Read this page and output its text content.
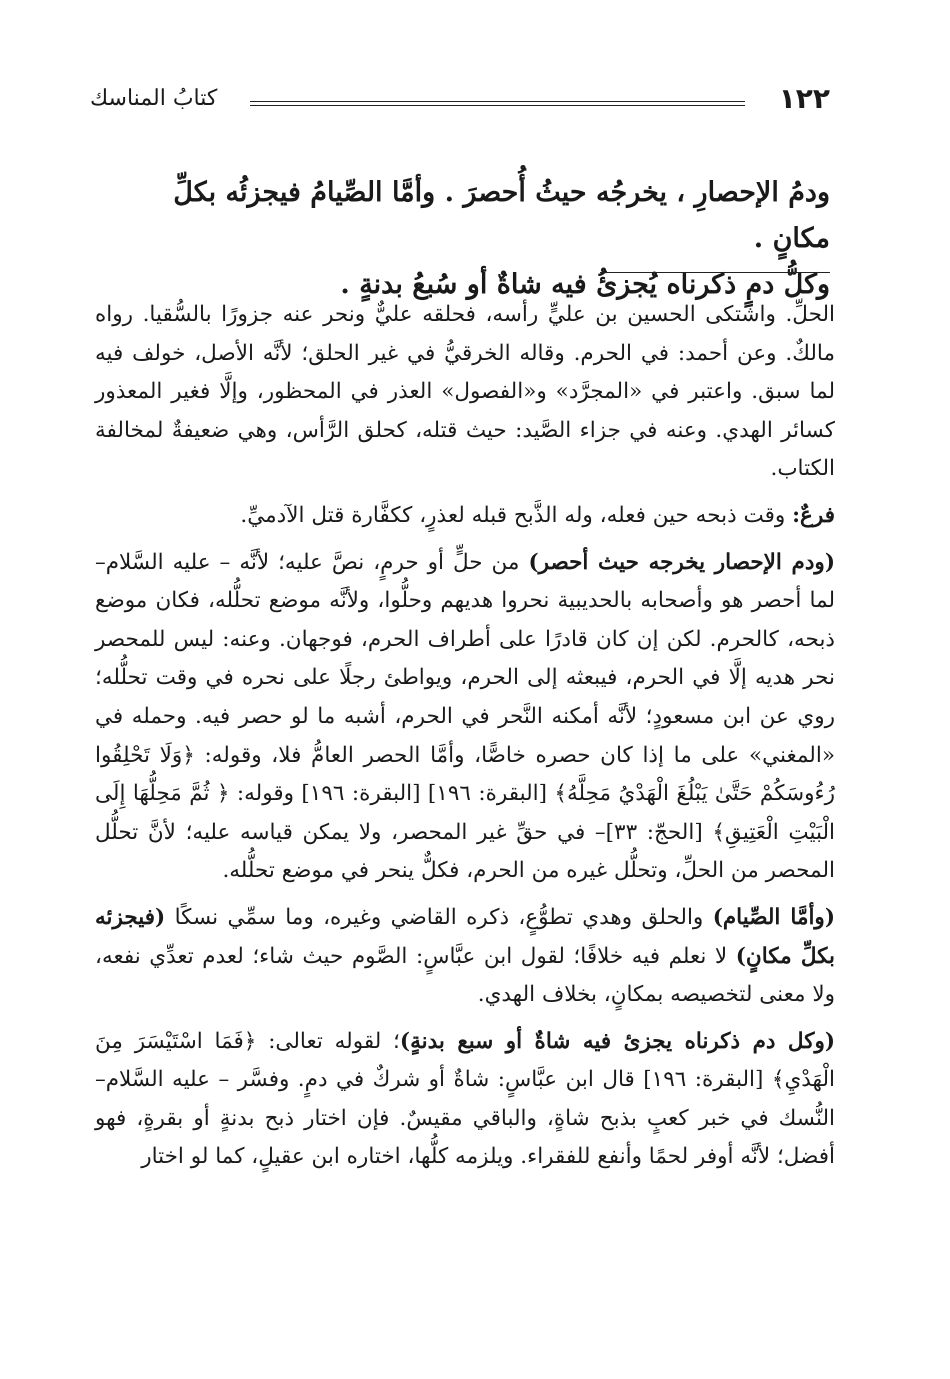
١٢٢
كتابُ المناسك

ودمُ الإحصارِ ، يخرجُه حيثُ أُحصرَ . وأمَّا الصِّيامُ فيجزئُه بكلِّ مكانٍ .

وكلُّ دمٍ ذكرناه يُجزئُ فيه شاةٌ أو سُبعُ بدنةٍ .

الحلِّ. واشتكى الحسين بن عليٍّ رأسه، فحلقه عليٌّ ونحر عنه جزورًا بالسُّقيا. رواه مالكٌ. وعن أحمد: في الحرم. وقاله الخرقيُّ في غير الحلق؛ لأنَّه الأصل، خولف فيه لما سبق. واعتبر في «المجرَّد» و«الفصول» العذر في المحظور، وإلَّا فغير المعذور كسائر الهدي. وعنه في جزاء الصَّيد: حيث قتله، كحلق الرَّأس، وهي ضعيفةٌ لمخالفة الكتاب.

فرعٌ: وقت ذبحه حين فعله، وله الذَّبح قبله لعذرٍ، ككفَّارة قتل الآدميِّ.

(ودم الإحصار يخرجه حيث أحصر) من حلٍّ أو حرمٍ، نصَّ عليه؛ لأنَّه – عليه السَّلام– لما أحصر هو وأصحابه بالحديبية نحروا هديهم وحلُّوا، ولأنَّه موضع تحلُّله، فكان موضع ذبحه، كالحرم. لكن إن كان قادرًا على أطراف الحرم، فوجهان. وعنه: ليس للمحصر نحر هديه إلَّا في الحرم، فيبعثه إلى الحرم، ويواطئ رجلًا على نحره في وقت تحلُّله؛ روي عن ابن مسعودٍ؛ لأنَّه أمكنه النَّحر في الحرم، أشبه ما لو حصر فيه. وحمله في «المغني» على ما إذا كان حصره خاصًّا، وأمَّا الحصر العامُّ فلا، وقوله: ﴿وَلَا تَحْلِقُوا رُءُوسَكُمْ حَتَّىٰ يَبْلُغَ الْهَدْيُ مَحِلَّهُ﴾ [البقرة: ١٩٦] [البقرة: ١٩٦] وقوله: ﴿ ثُمَّ مَحِلُّهَا إِلَى الْبَيْتِ الْعَتِيقِ﴾ [الحجّ: ٣٣]– في حقِّ غير المحصر، ولا يمكن قياسه عليه؛ لأنَّ تحلُّل المحصر من الحلِّ، وتحلُّل غيره من الحرم، فكلٌّ ينحر في موضع تحلُّله.

(وأمَّا الصِّيام) والحلق وهدي تطوُّعٍ، ذكره القاضي وغيره، وما سمِّي نسكًا (فيجزئه بكلِّ مكانٍ) لا نعلم فيه خلافًا؛ لقول ابن عبَّاسٍ: الصَّوم حيث شاء؛ لعدم تعدِّي نفعه، ولا معنى لتخصيصه بمكانٍ، بخلاف الهدي.

(وكل دم ذكرناه يجزئ فيه شاةٌ أو سبع بدنةٍ)؛ لقوله تعالى: ﴿فَمَا اسْتَيْسَرَ مِنَ الْهَدْيِ﴾ [البقرة: ١٩٦] قال ابن عبَّاسٍ: شاةٌ أو شركٌ في دمٍ. وفسَّر – عليه السَّلام– النُّسك في خبر كعبٍ بذبح شاةٍ، والباقي مقيسٌ. فإن اختار ذبح بدنةٍ أو بقرةٍ، فهو أفضل؛ لأنَّه أوفر لحمًا وأنفع للفقراء. ويلزمه كلُّها، اختاره ابن عقيلٍ، كما لو اختار
